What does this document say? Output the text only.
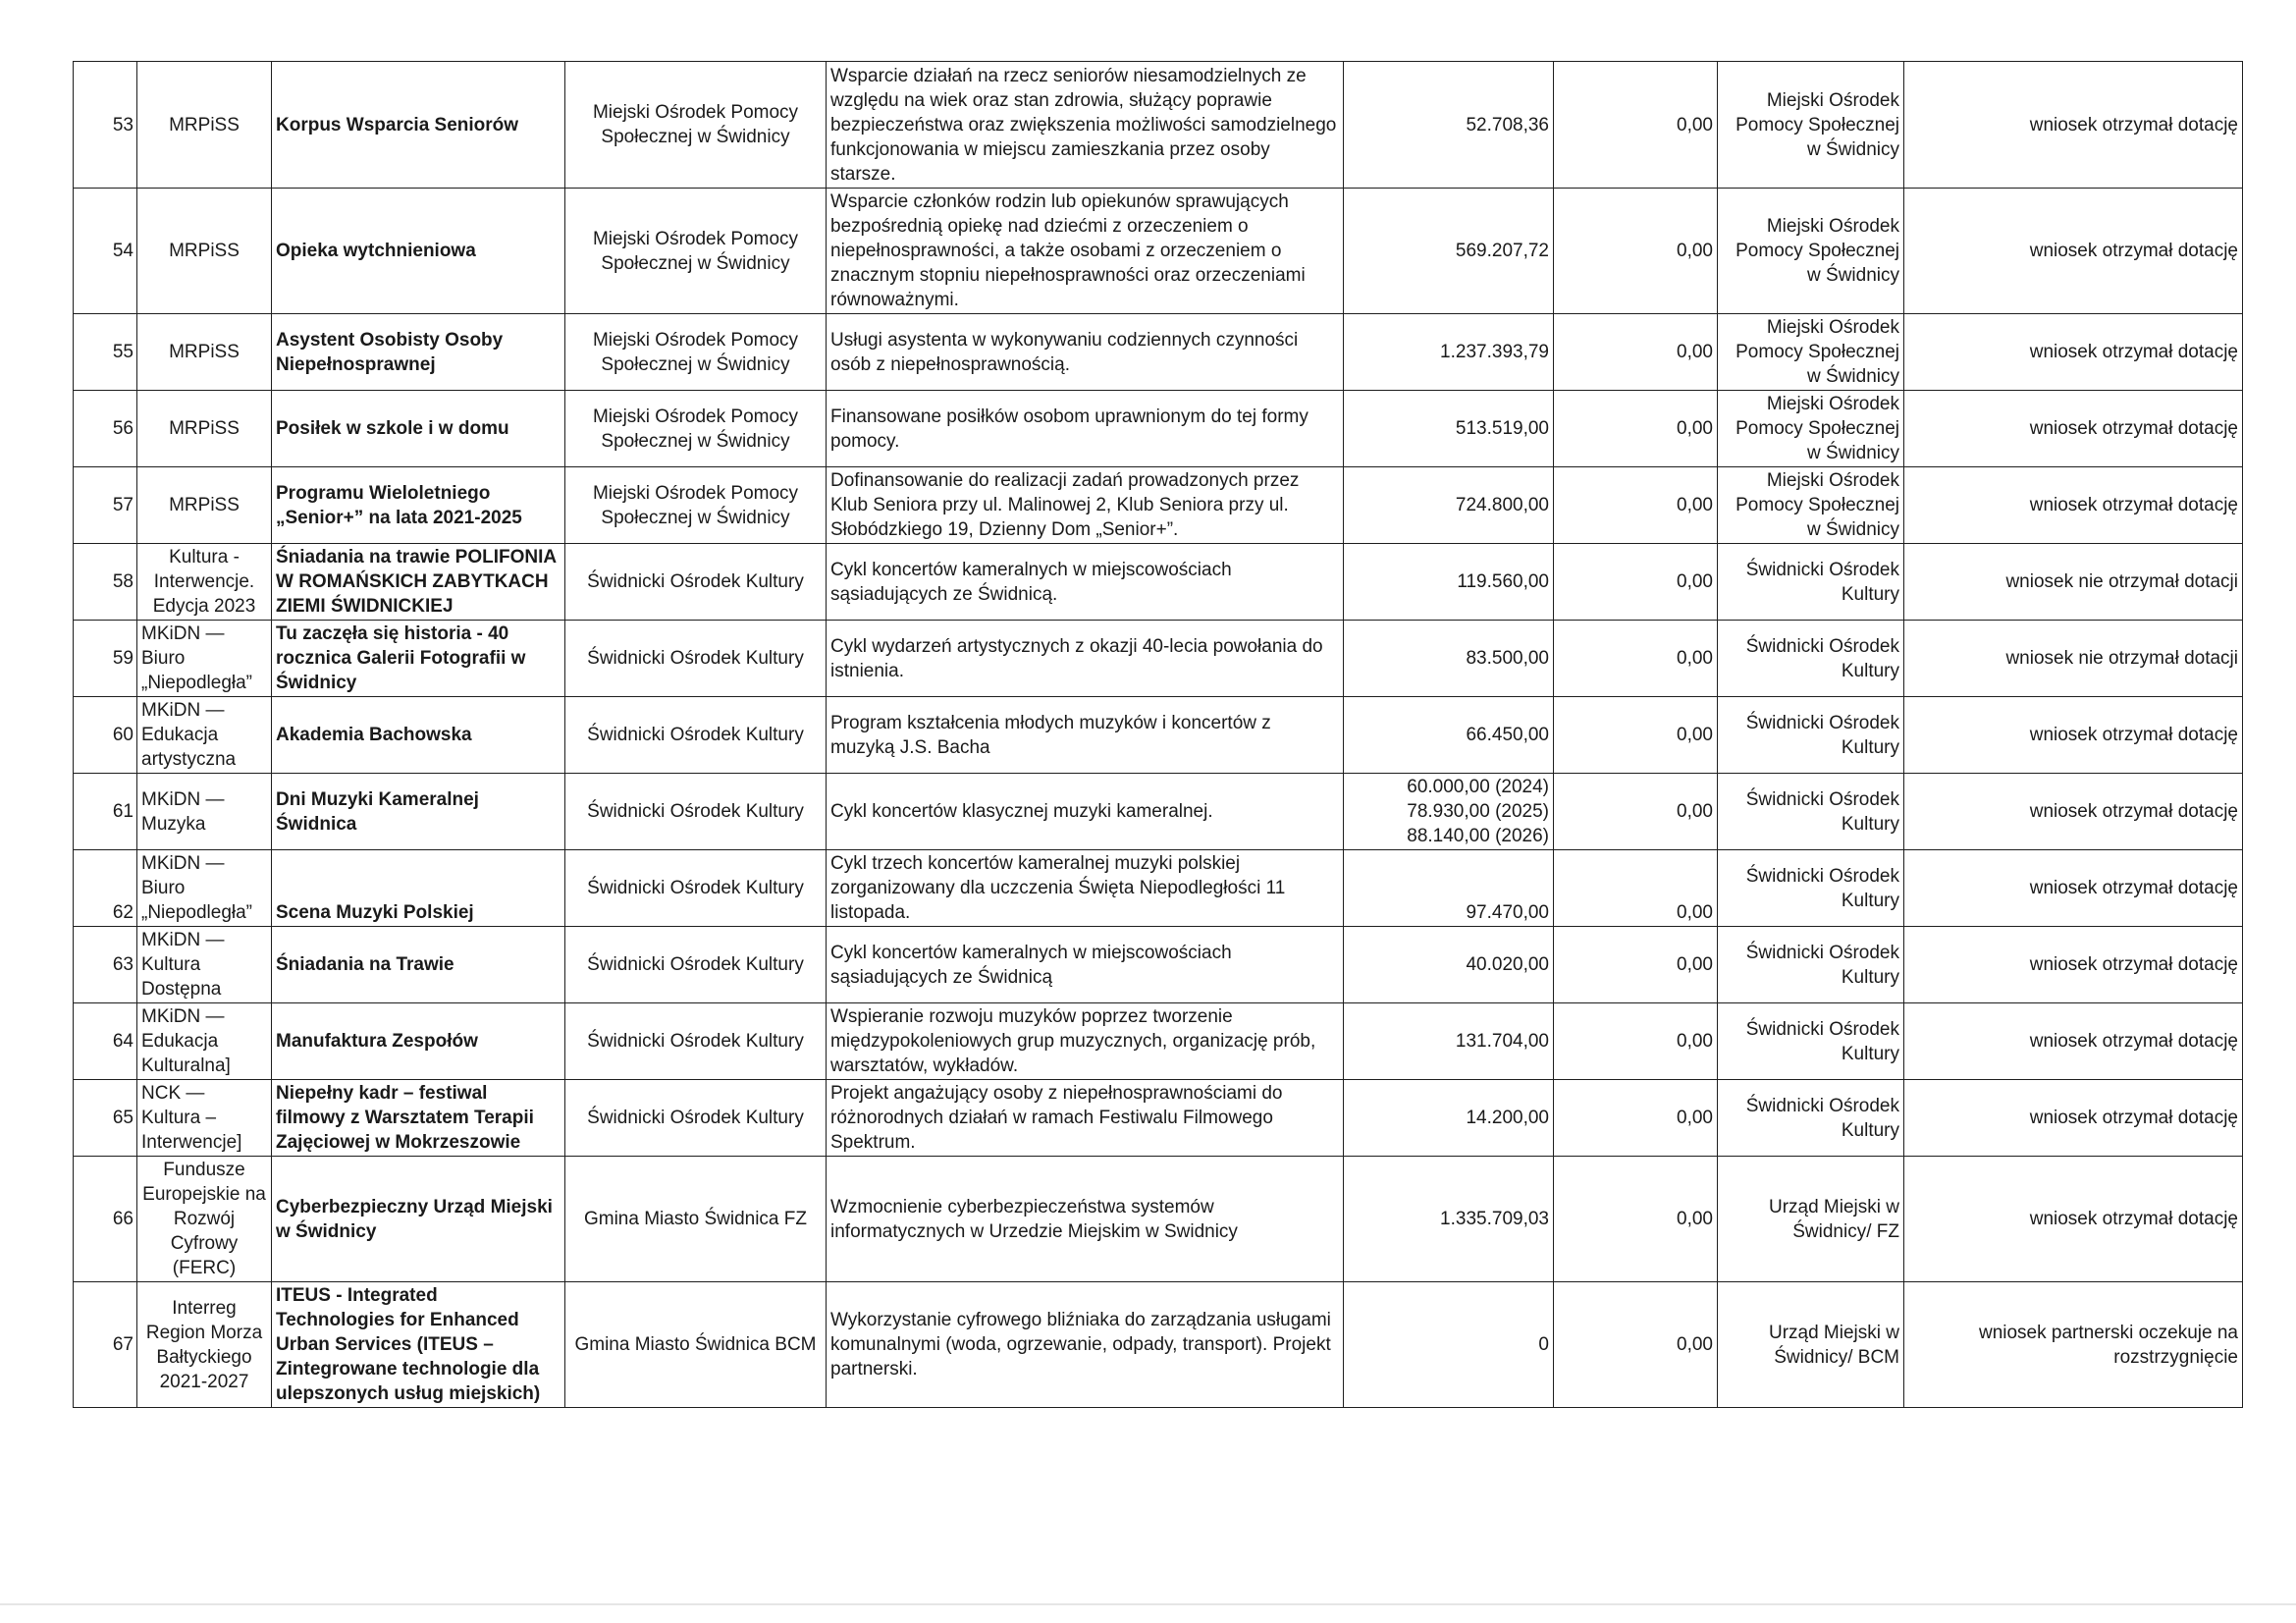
53	MRPiSS	Korpus Wsparcia Seniorów	Miejski Ośrodek Pomocy Społecznej w Świdnicy	Wsparcie działań na rzecz seniorów niesamodzielnych ze względu na wiek oraz stan zdrowia, służący poprawie bezpieczeństwa oraz zwiększenia możliwości samodzielnego funkcjonowania w miejscu zamieszkania przez osoby starsze.	52.708,36	0,00	Miejski Ośrodek Pomocy Społecznej w Świdnicy	wniosek otrzymał dotację
54	MRPiSS	Opieka wytchnieniowa	Miejski Ośrodek Pomocy Społecznej w Świdnicy	Wsparcie członków rodzin lub opiekunów sprawujących bezpośrednią opiekę nad dziećmi z orzeczeniem o niepełnosprawności, a także osobami z orzeczeniem o znacznym stopniu niepełnosprawności oraz orzeczeniami równoważnymi.	569.207,72	0,00	Miejski Ośrodek Pomocy Społecznej w Świdnicy	wniosek otrzymał dotację
55	MRPiSS	Asystent Osobisty Osoby Niepełnosprawnej	Miejski Ośrodek Pomocy Społecznej w Świdnicy	Usługi asystenta w wykonywaniu codziennych czynności osób z niepełnosprawnością.	1.237.393,79	0,00	Miejski Ośrodek Pomocy Społecznej w Świdnicy	wniosek otrzymał dotację
56	MRPiSS	Posiłek w szkole i w domu	Miejski Ośrodek Pomocy Społecznej w Świdnicy	Finansowane posiłków osobom uprawnionym do tej formy pomocy.	513.519,00	0,00	Miejski Ośrodek Pomocy Społecznej w Świdnicy	wniosek otrzymał dotację
57	MRPiSS	Programu Wieloletniego „Senior+” na lata 2021-2025	Miejski Ośrodek Pomocy Społecznej w Świdnicy	Dofinansowanie do realizacji zadań prowadzonych przez Klub Seniora przy ul. Malinowej 2, Klub Seniora przy ul. Słobódzkiego 19, Dzienny Dom „Senior+”.	724.800,00	0,00	Miejski Ośrodek Pomocy Społecznej w Świdnicy	wniosek otrzymał dotację
58	Kultura - Interwencje. Edycja 2023	Śniadania na trawie POLIFONIA W ROMAŃSKICH ZABYTKACH ZIEMI ŚWIDNICKIEJ	Świdnicki Ośrodek Kultury	Cykl koncertów kameralnych w miejscowościach sąsiadujących ze Świdnicą.	119.560,00	0,00	Świdnicki Ośrodek Kultury	wniosek nie otrzymał dotacji
59	MKiDN — Biuro „Niepodległa”	Tu zaczęła się historia - 40 rocznica Galerii Fotografii w Świdnicy	Świdnicki Ośrodek Kultury	Cykl wydarzeń artystycznych z okazji 40-lecia powołania do istnienia.	83.500,00	0,00	Świdnicki Ośrodek Kultury	wniosek nie otrzymał dotacji
60	MKiDN — Edukacja artystyczna	Akademia Bachowska	Świdnicki Ośrodek Kultury	Program kształcenia młodych muzyków i koncertów z muzyką J.S. Bacha	66.450,00	0,00	Świdnicki Ośrodek Kultury	wniosek otrzymał dotację
61	MKiDN — Muzyka	Dni Muzyki Kameralnej Świdnica	Świdnicki Ośrodek Kultury	Cykl koncertów klasycznej muzyki kameralnej.	60.000,00 (2024)
78.930,00 (2025)
88.140,00 (2026)	0,00	Świdnicki Ośrodek Kultury	wniosek otrzymał dotację
62	MKiDN — Biuro „Niepodległa”	Scena Muzyki Polskiej	Świdnicki Ośrodek Kultury	Cykl trzech koncertów kameralnej muzyki polskiej zorganizowany dla uczczenia Święta Niepodległości 11 listopada.	97.470,00	0,00	Świdnicki Ośrodek Kultury	wniosek otrzymał dotację
63	MKiDN — Kultura Dostępna	Śniadania na Trawie	Świdnicki Ośrodek Kultury	Cykl koncertów kameralnych w miejscowościach sąsiadujących ze Świdnicą	40.020,00	0,00	Świdnicki Ośrodek Kultury	wniosek otrzymał dotację
64	MKiDN — Edukacja Kulturalna]	Manufaktura Zespołów	Świdnicki Ośrodek Kultury	Wspieranie rozwoju muzyków poprzez tworzenie międzypokoleniowych grup muzycznych, organizację prób, warsztatów, wykładów.	131.704,00	0,00	Świdnicki Ośrodek Kultury	wniosek otrzymał dotację
65	NCK — Kultura – Interwencje]	Niepełny kadr – festiwal filmowy z Warsztatem Terapii Zajęciowej w Mokrzeszowie	Świdnicki Ośrodek Kultury	Projekt angażujący osoby z niepełnosprawnościami do różnorodnych działań w ramach Festiwalu Filmowego Spektrum.	14.200,00	0,00	Świdnicki Ośrodek Kultury	wniosek otrzymał dotację
66	Fundusze Europejskie na Rozwój Cyfrowy (FERC)	Cyberbezpieczny Urząd Miejski w Świdnicy	Gmina Miasto Świdnica FZ	Wzmocnienie cyberbezpieczeństwa systemów informatycznych w Urzedzie Miejskim w Swidnicy	1.335.709,03	0,00	Urząd Miejski w Świdnicy/ FZ	wniosek otrzymał dotację
67	Interreg Region Morza Bałtyckiego 2021-2027	ITEUS - Integrated Technologies for Enhanced Urban Services (ITEUS – Zintegrowane technologie dla ulepszonych usług miejskich)	Gmina Miasto Świdnica BCM	Wykorzystanie cyfrowego bliźniaka do zarządzania usługami komunalnymi (woda, ogrzewanie, odpady, transport). Projekt partnerski.	0	0,00	Urząd Miejski w Świdnicy/ BCM	wniosek partnerski oczekuje na rozstrzygnięcie
